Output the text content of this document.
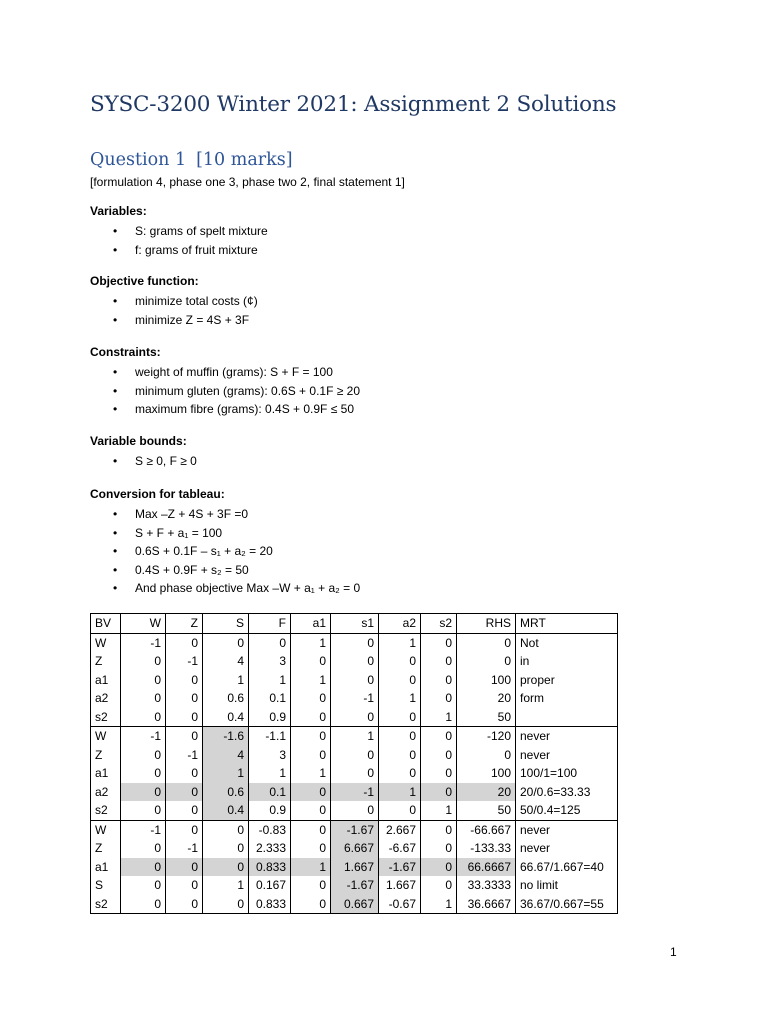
SYSC-3200 Winter 2021: Assignment 2 Solutions
Question 1 [10 marks]
[formulation 4, phase one 3, phase two 2, final statement 1]
Variables:
• S: grams of spelt mixture
• f: grams of fruit mixture
Objective function:
• minimize total costs (¢)
• minimize Z = 4S + 3F
Constraints:
• weight of muffin (grams): S + F = 100
• minimum gluten (grams): 0.6S + 0.1F ≥ 20
• maximum fibre (grams): 0.4S + 0.9F ≤ 50
Variable bounds:
• S ≥ 0, F ≥ 0
Conversion for tableau:
• Max –Z + 4S + 3F =0
• S + F + a₁ = 100
• 0.6S + 0.1F – s₁ + a₂ = 20
• 0.4S + 0.9F + s₂ = 50
• And phase objective Max –W + a₁ + a₂ = 0
BV	W	Z	S	F	a1	s1	a2	s2	RHS	MRT
W	-1	0	0	0	1	0	1	0	0	Not
Z	0	-1	4	3	0	0	0	0	0	in
a1	0	0	1	1	1	0	0	0	100	proper
a2	0	0	0.6	0.1	0	-1	1	0	20	form
s2	0	0	0.4	0.9	0	0	0	1	50	
W	-1	0	-1.6	-1.1	0	1	0	0	-120	never
Z	0	-1	4	3	0	0	0	0	0	never
a1	0	0	1	1	1	0	0	0	100	100/1=100
a2	0	0	0.6	0.1	0	-1	1	0	20	20/0.6=33.33
s2	0	0	0.4	0.9	0	0	0	1	50	50/0.4=125
W	-1	0	0	-0.83	0	-1.67	2.667	0	-66.667	never
Z	0	-1	0	2.333	0	6.667	-6.67	0	-133.33	never
a1	0	0	0	0.833	1	1.667	-1.67	0	66.6667	66.67/1.667=40
S	0	0	1	0.167	0	-1.67	1.667	0	33.3333	no limit
s2	0	0	0	0.833	0	0.667	-0.67	1	36.6667	36.67/0.667=55
1
